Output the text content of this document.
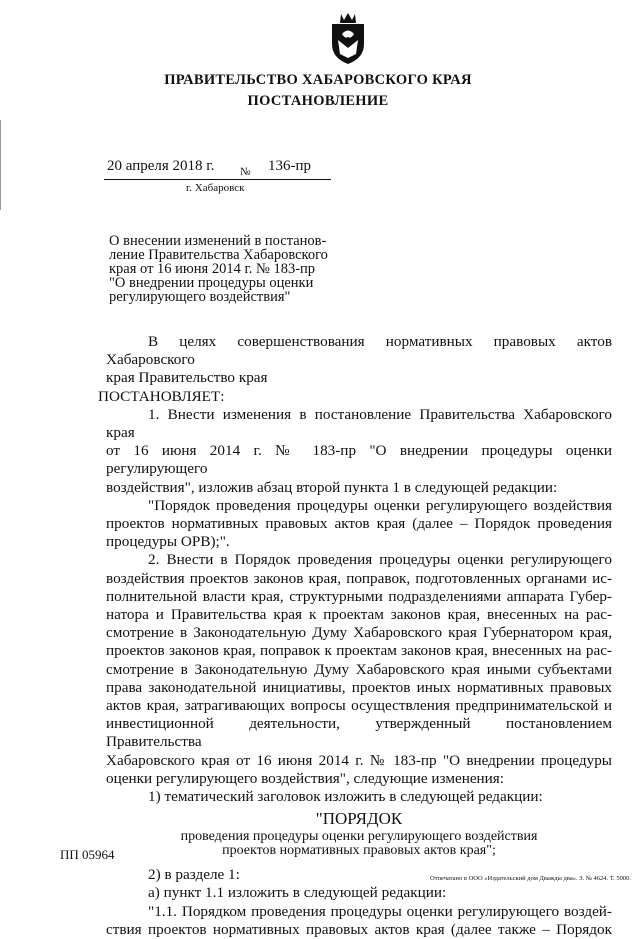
ПРАВИТЕЛЬСТВО ХАБАРОВСКОГО КРАЯ
ПОСТАНОВЛЕНИЕ
20 апреля 2018 г. № 136-пр
г. Хабаровск
О внесении изменений в постанов-
ление Правительства Хабаровского
края от 16 июня 2014 г. № 183-пр
"О внедрении процедуры оценки
регулирующего воздействия"

В целях совершенствования нормативных правовых актов Хабаровского

края Правительство края

ПОСТАНОВЛЯЕТ:

1. Внести изменения в постановление Правительства Хабаровского края

от 16 июня 2014 г. № 183-пр "О внедрении процедуры оценки регулирующего

воздействия", изложив абзац второй пункта 1 в следующей редакции:

"Порядок проведения процедуры оценки регулирующего воздействия

проектов нормативных правовых актов края (далее – Порядок проведения

процедуры ОРВ);".

2. Внести в Порядок проведения процедуры оценки регулирующего

воздействия проектов законов края, поправок, подготовленных органами ис-

полнительной власти края, структурными подразделениями аппарата Губер-

натора и Правительства края к проектам законов края, внесенных на рас-

смотрение в Законодательную Думу Хабаровского края Губернатором края,

проектов законов края, поправок к проектам законов края, внесенных на рас-

смотрение в Законодательную Думу Хабаровского края иными субъектами

права законодательной инициативы, проектов иных нормативных правовых

актов края, затрагивающих вопросы осуществления предпринимательской и

инвестиционной деятельности, утвержденный постановлением Правительства

Хабаровского края от 16 июня 2014 г. № 183-пр "О внедрении процедуры

оценки регулирующего воздействия", следующие изменения:

1) тематический заголовок изложить в следующей редакции:

"ПОРЯДОК

проведения процедуры оценки регулирующего воздействия

проектов нормативных правовых актов края";

2) в разделе 1:

а) пункт 1.1 изложить в следующей редакции:

"1.1. Порядком проведения процедуры оценки регулирующего воздей-

ствия проектов нормативных правовых актов края (далее также – Порядок

ПП 05964
Отпечатано в ООО «Издательский дом Дважды два». З. № 4624. Т. 5000.
